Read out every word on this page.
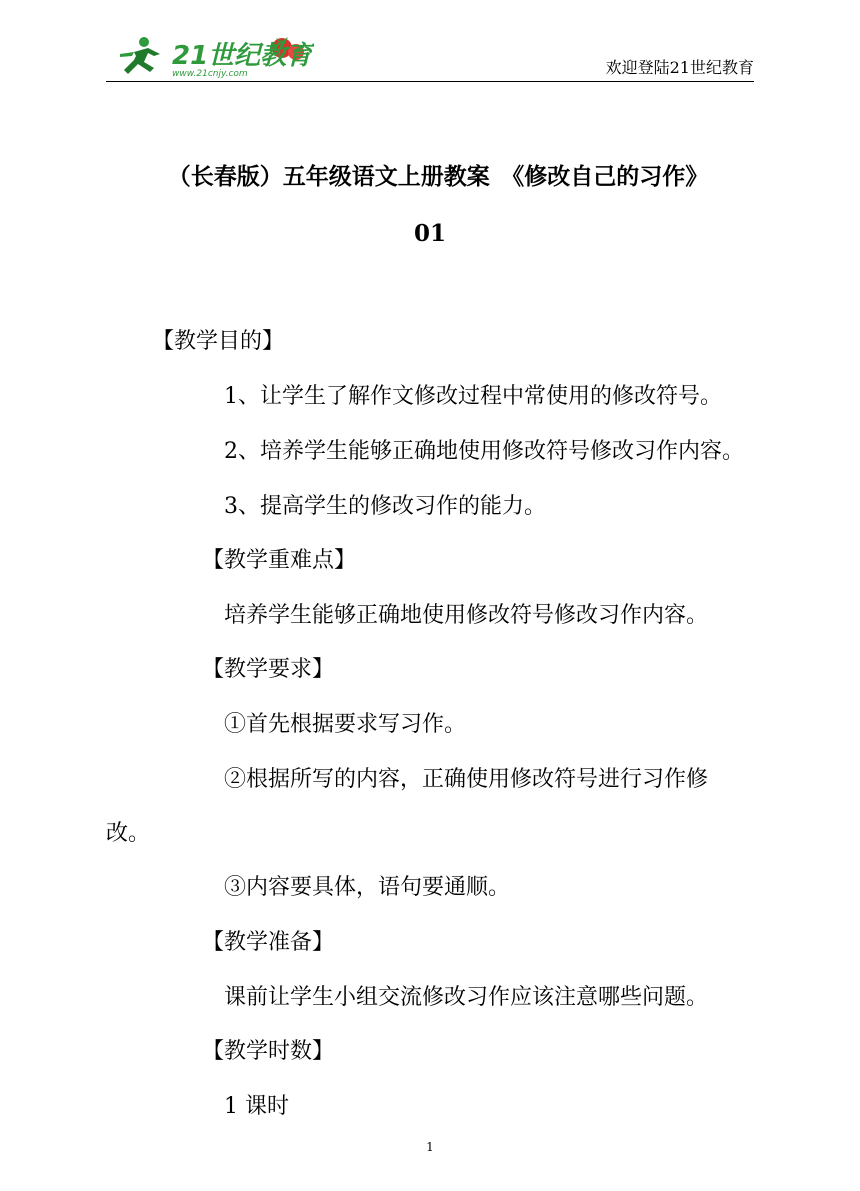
21世纪教育
www.21cnjy.com	欢迎登陆21世纪教育
（长春版）五年级语文上册教案　《修改自己的习作》
01
【教学目的】
1、让学生了解作文修改过程中常使用的修改符号。
2、培养学生能够正确地使用修改符号修改习作内容。
3、提高学生的修改习作的能力。
【教学重难点】
培养学生能够正确地使用修改符号修改习作内容。
【教学要求】
①首先根据要求写习作。
②根据所写的内容，正确使用修改符号进行习作修
改。
③内容要具体，语句要通顺。
【教学准备】
课前让学生小组交流修改习作应该注意哪些问题。
【教学时数】
1 课时
1
